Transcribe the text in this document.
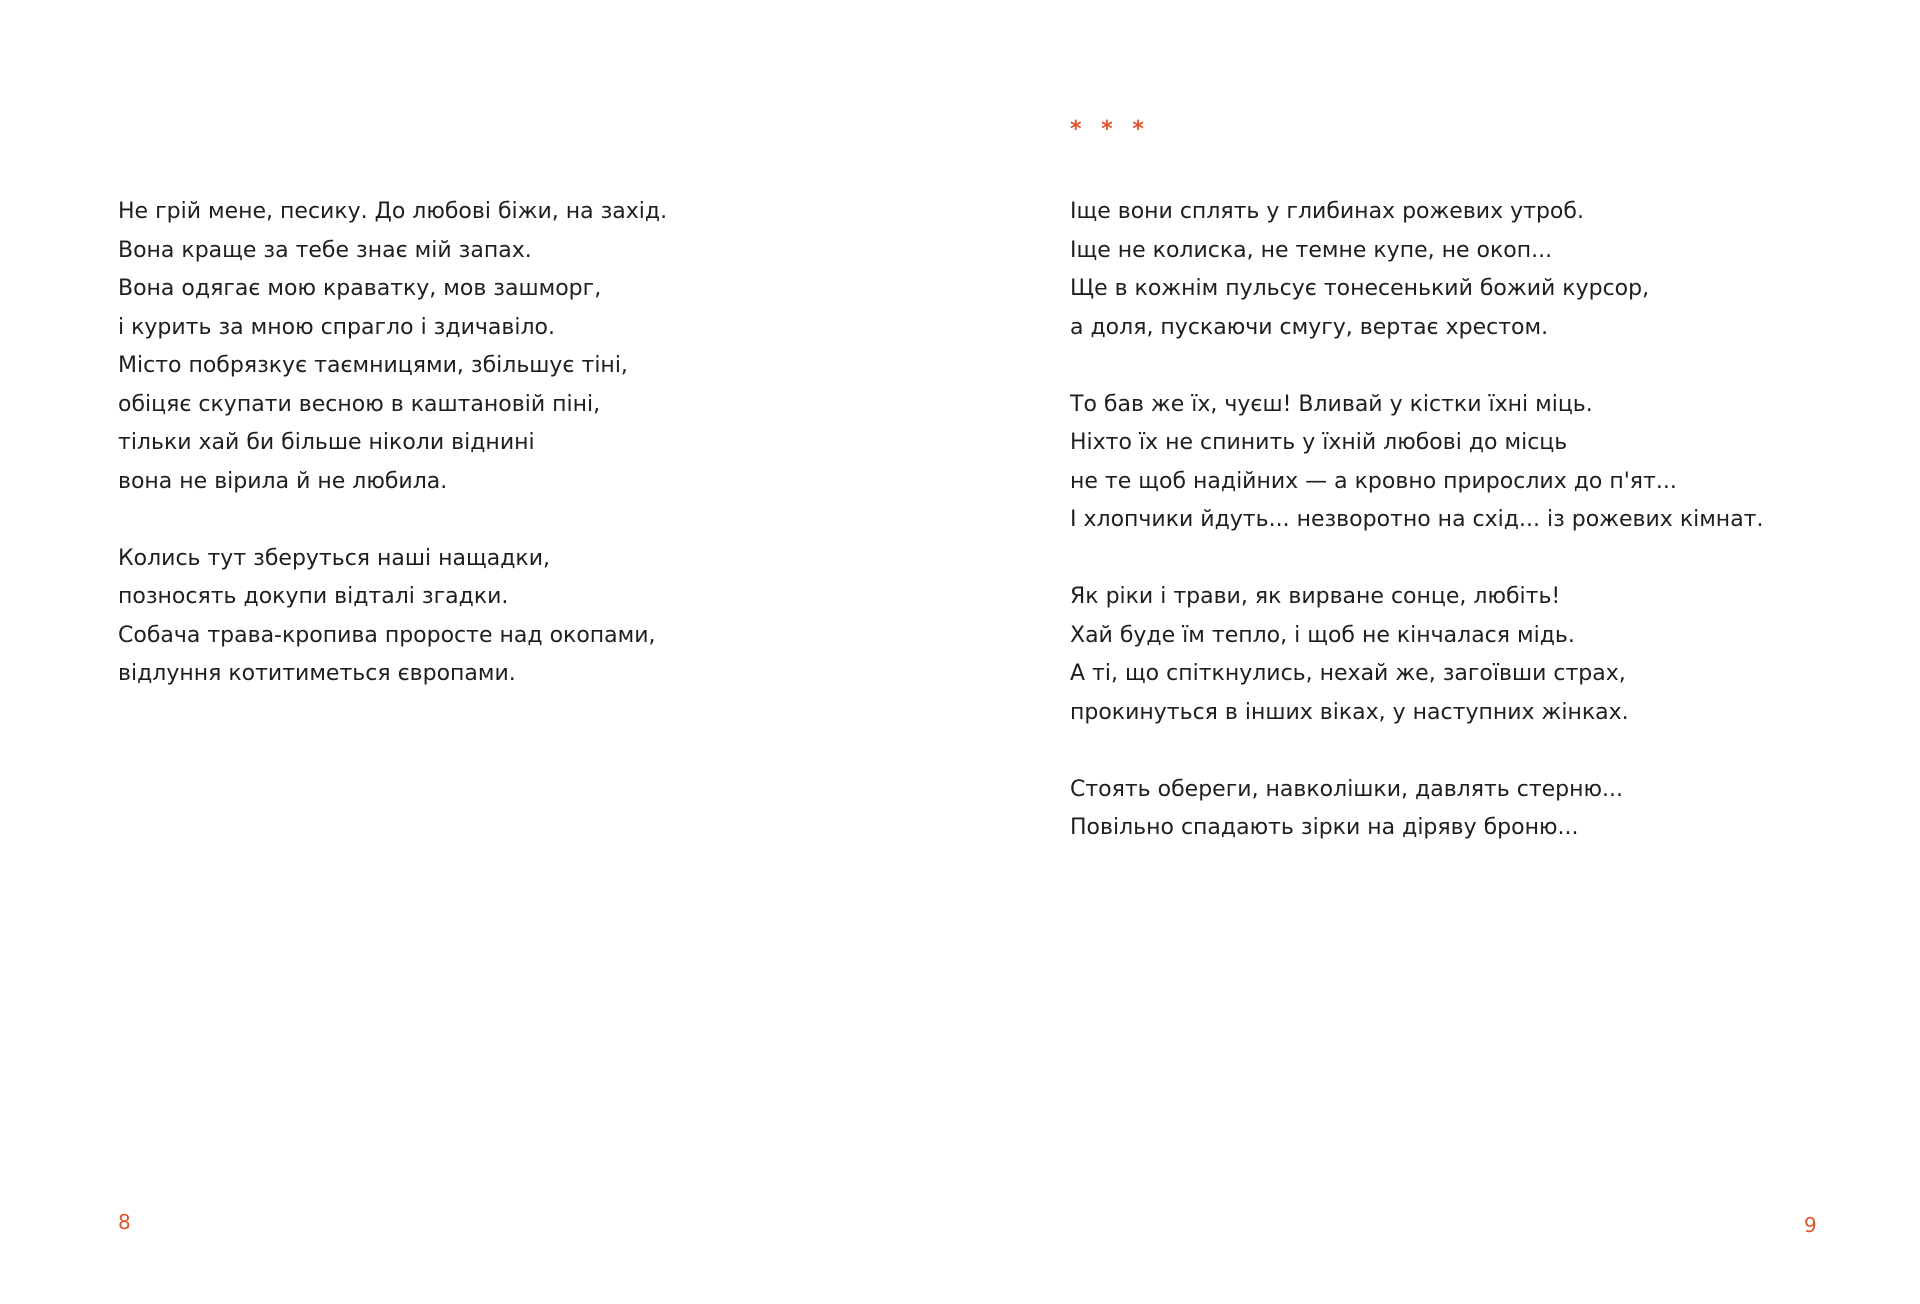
Не грій мене, песику. До любові біжи, на захід.
Вона краще за тебе знає мій запах.
Вона одягає мою краватку, мов зашморг,
і курить за мною спрагло і здичавіло.
Місто побрязкує таємницями, збільшує тіні,
обіцяє скупати весною в каштановій піні,
тільки хай би більше ніколи віднині
вона не вірила й не любила.
Колись тут зберуться наші нащадки,
позносять докупи відталі згадки.
Собача трава-кропива проросте над окопами,
відлуння котитиметься європами.
8
* * *
Іще вони сплять у глибинах рожевих утроб.
Іще не колиска, не темне купе, не окоп...
Ще в кожнім пульсує тонесенький божий курсор,
а доля, пускаючи смугу, вертає хрестом.
То бав же їх, чуєш! Вливай у кістки їхні міць.
Ніхто їх не спинить у їхній любові до місць
не те щоб надійних — а кровно прирослих до п'ят...
І хлопчики йдуть... незворотно на схід... із рожевих кімнат.
Як ріки і трави, як вирване сонце, любіть!
Хай буде їм тепло, і щоб не кінчалася мідь.
А ті, що спіткнулись, нехай же, загоївши страх,
прокинуться в інших віках, у наступних жінках.
Стоять обереги, навколішки, давлять стерню...
Повільно спадають зірки на діряву броню...
9
